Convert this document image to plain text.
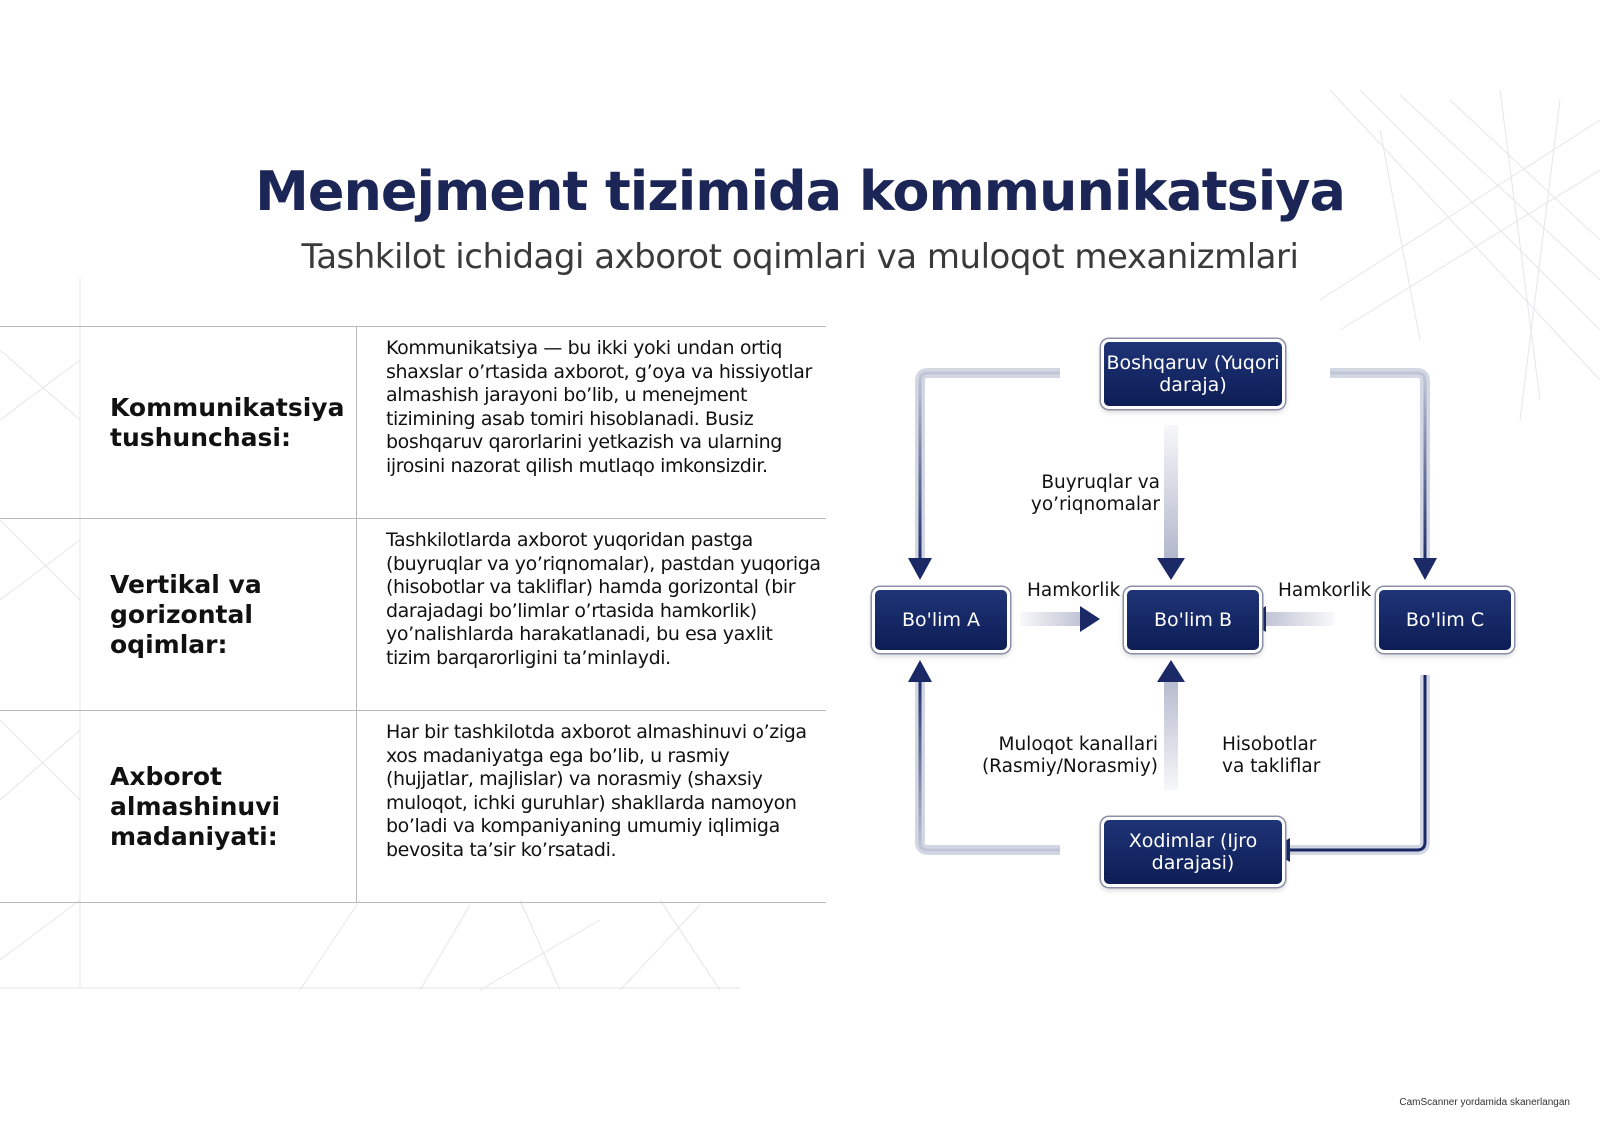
Menejment tizimida kommunikatsiya
Tashkilot ichidagi axborot oqimlari va muloqot mexanizmlari
Kommunikatsiya tushunchasi:
Kommunikatsiya — bu ikki yoki undan ortiq shaxslar o’rtasida axborot, g’oya va hissiyotlar almashish jarayoni bo’lib, u menejment tizimining asab tomiri hisoblanadi. Busiz boshqaruv qarorlarini yetkazish va ularning ijrosini nazorat qilish mutlaqo imkonsizdir.
Vertikal va gorizontal oqimlar:
Tashkilotlarda axborot yuqoridan pastga (buyruqlar va yo’riqnomalar), pastdan yuqoriga (hisobotlar va takliflar) hamda gorizontal (bir darajadagi bo’limlar o’rtasida hamkorlik) yo’nalishlarda harakatlanadi, bu esa yaxlit tizim barqarorligini ta’minlaydi.
Axborot almashinuvi madaniyati:
Har bir tashkilotda axborot almashinuvi o’ziga xos madaniyatga ega bo’lib, u rasmiy (hujjatlar, majlislar) va norasmiy (shaxsiy muloqot, ichki guruhlar) shakllarda namoyon bo’ladi va kompaniyaning umumiy iqlimiga bevosita ta’sir ko’rsatadi.
Boshqaruv (Yuqori daraja)
Bo'lim A	Bo'lim B	Bo'lim C
Xodimlar (Ijro darajasi)
Buyruqlar va yo’riqnomalar
Hamkorlik	Hamkorlik
Muloqot kanallari (Rasmiy/Norasmiy)
Hisobotlar va takliflar
CamScanner yordamida skanerlangan
